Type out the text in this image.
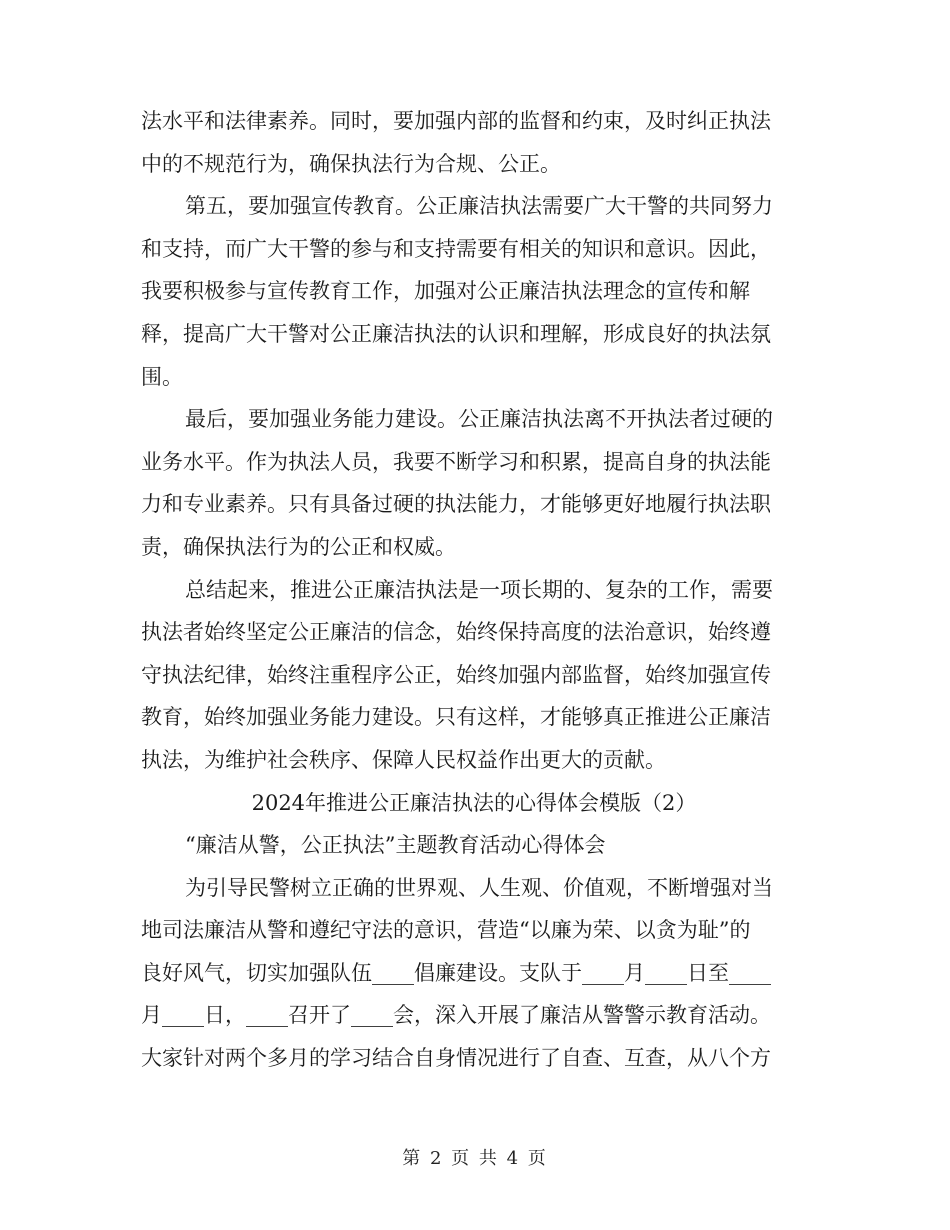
法水平和法律素养。同时，要加强内部的监督和约束，及时纠正执法
中的不规范行为，确保执法行为合规、公正。
第五，要加强宣传教育。公正廉洁执法需要广大干警的共同努力
和支持，而广大干警的参与和支持需要有相关的知识和意识。因此，
我要积极参与宣传教育工作，加强对公正廉洁执法理念的宣传和解
释，提高广大干警对公正廉洁执法的认识和理解，形成良好的执法氛
围。
最后，要加强业务能力建设。公正廉洁执法离不开执法者过硬的
业务水平。作为执法人员，我要不断学习和积累，提高自身的执法能
力和专业素养。只有具备过硬的执法能力，才能够更好地履行执法职
责，确保执法行为的公正和权威。
总结起来，推进公正廉洁执法是一项长期的、复杂的工作，需要
执法者始终坚定公正廉洁的信念，始终保持高度的法治意识，始终遵
守执法纪律，始终注重程序公正，始终加强内部监督，始终加强宣传
教育，始终加强业务能力建设。只有这样，才能够真正推进公正廉洁
执法，为维护社会秩序、保障人民权益作出更大的贡献。
2024年推进公正廉洁执法的心得体会模版（2）
“廉洁从警，公正执法”主题教育活动心得体会
为引导民警树立正确的世界观、人生观、价值观，不断增强对当
地司法廉洁从警和遵纪守法的意识，营造“以廉为荣、以贪为耻”的
良好风气，切实加强队伍____倡廉建设。支队于____月____日至____
月____日，____召开了____会，深入开展了廉洁从警警示教育活动。
大家针对两个多月的学习结合自身情况进行了自查、互查，从八个方
第 2 页 共 4 页
